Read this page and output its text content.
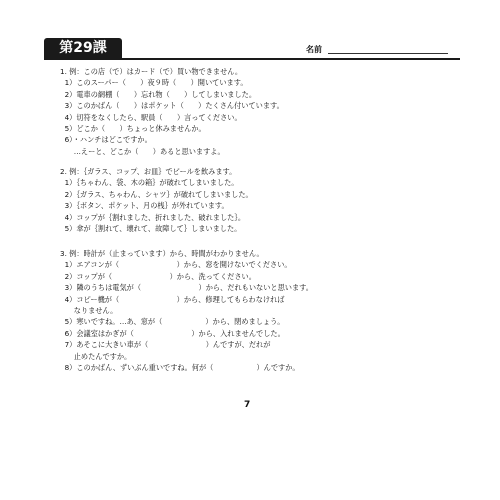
第29課	名前
1. 例：この店（で）はカード（で）買い物できません。
1）このスーパー（　　）夜９時（　　）開いています。
2）電車の網棚（　　）忘れ物（　　）してしまいました。
3）このかばん（　　）はポケット（　　）たくさん付いています。
4）切符をなくしたら、駅員（　　）言ってください。
5）どこか（　　）ちょっと休みませんか。
6）・ハンチはどこですか。
…えーと、どこか（　　）あると思いますよ。
2. 例：｛ガラス、コップ、お皿｝でビールを飲みます。
1）｛ちゃわん、袋、木の箱｝が破れてしまいました。
2）｛ガラス、ちゃわん、シャツ｝が破れてしまいました。
3）｛ボタン、ポケット、月の桟｝が外れています。
4）コップが｛割れました、折れました、破れました｝。
5）傘が｛割れて、壊れて、故障して｝しまいました。
3. 例：時計が（止まっています）から、時間がわかりません。
1）エアコンが（　　　　　　　　）から、窓を開けないでください。
2）コップが（　　　　　　　　）から、洗ってください。
3）隣のうちは電気が（　　　　　　　　）から、だれもいないと思います。
4）コピー機が（　　　　　　　　）から、修理してもらわなければ
なりません。
5）寒いですね。…あ、窓が（　　　　　　）から、閉めましょう。
6）会議室はかぎが（　　　　　　　　）から、入れませんでした。
7）あそこに大きい車が（　　　　　　　　）んですが、だれが
止めたんですか。
8）このかばん、ずいぶん重いですね。何が（　　　　　　）んですか。
7
